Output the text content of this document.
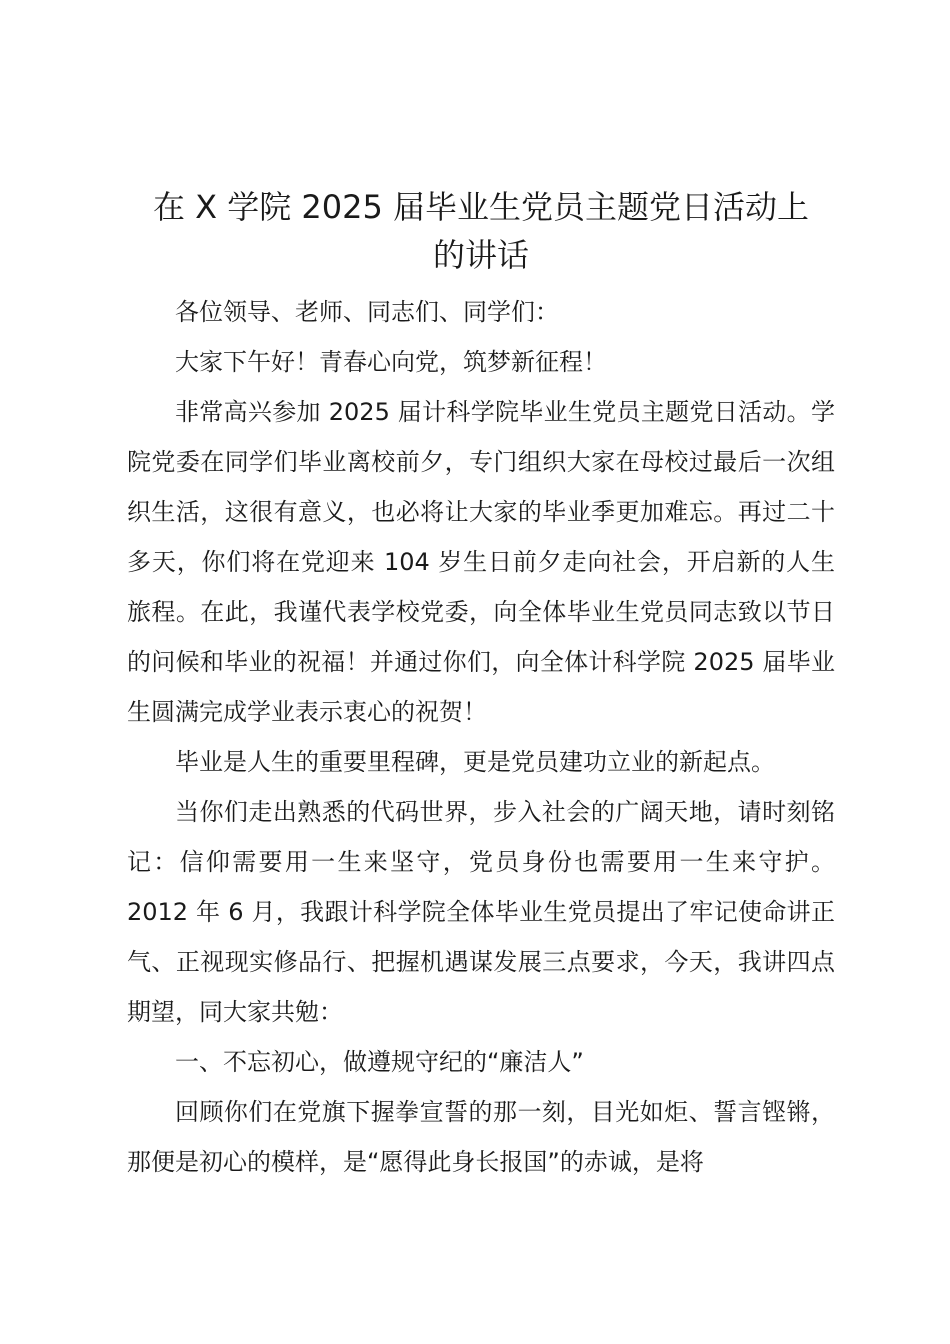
在 X 学院 2025 届毕业生党员主题党日活动上
的讲话

各位领导、老师、同志们、同学们：

大家下午好！青春心向党，筑梦新征程！

非常高兴参加 2025 届计科学院毕业生党员主题党日活动。学院党委在同学们毕业离校前夕，专门组织大家在母校过最后一次组织生活，这很有意义，也必将让大家的毕业季更加难忘。再过二十多天，你们将在党迎来 104 岁生日前夕走向社会，开启新的人生旅程。在此，我谨代表学校党委，向全体毕业生党员同志致以节日的问候和毕业的祝福！并通过你们，向全体计科学院 2025 届毕业生圆满完成学业表示衷心的祝贺！

毕业是人生的重要里程碑，更是党员建功立业的新起点。

当你们走出熟悉的代码世界，步入社会的广阔天地，请时刻铭记：信仰需要用一生来坚守，党员身份也需要用一生来守护。2012 年 6 月，我跟计科学院全体毕业生党员提出了牢记使命讲正气、正视现实修品行、把握机遇谋发展三点要求，今天，我讲四点期望，同大家共勉：

一、不忘初心，做遵规守纪的“廉洁人”

回顾你们在党旗下握拳宣誓的那一刻，目光如炬、誓言铿锵，那便是初心的模样，是“愿得此身长报国”的赤诚，是将
